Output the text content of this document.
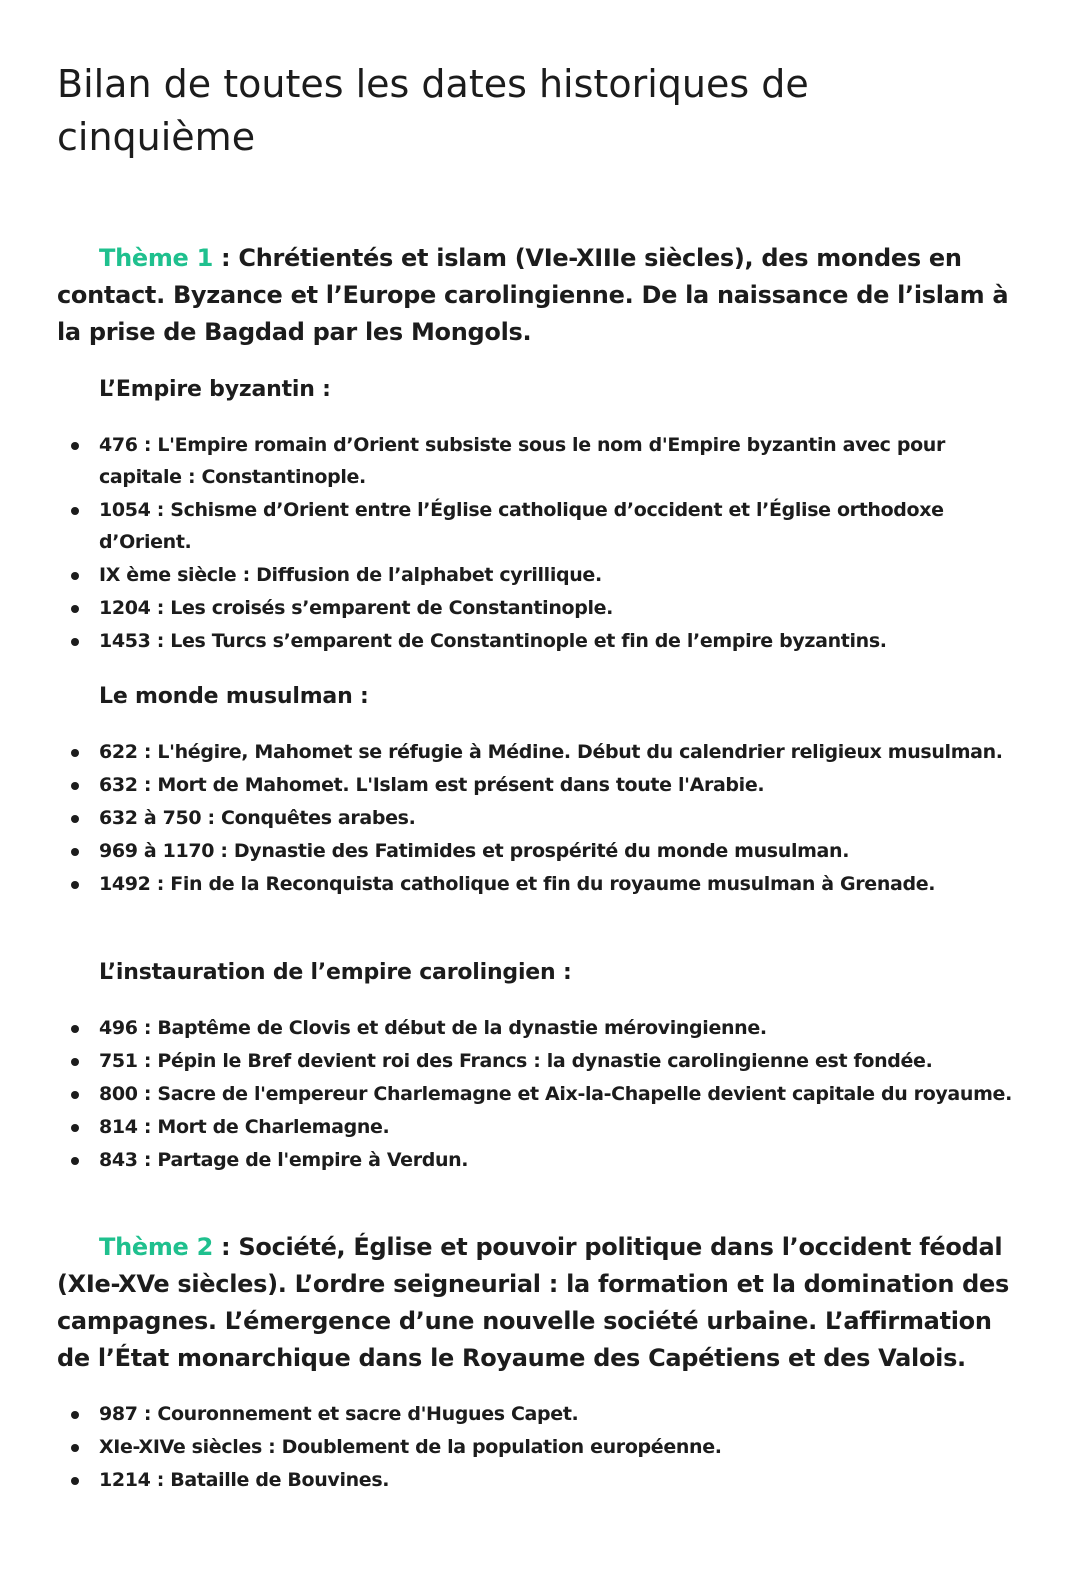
Bilan de toutes les dates historiques de cinquième
Thème 1 : Chrétientés et islam (VIe-XIIIe siècles), des mondes en contact. Byzance et l’Europe carolingienne. De la naissance de l’islam à la prise de Bagdad par les Mongols.
L’Empire byzantin :
476 : L'Empire romain d’Orient subsiste sous le nom d'Empire byzantin avec pour capitale : Constantinople.
1054 : Schisme d’Orient entre l’Église catholique d’occident et l’Église orthodoxe d’Orient.
IX ème siècle : Diffusion de l’alphabet cyrillique.
1204 : Les croisés s’emparent de Constantinople.
1453 : Les Turcs s’emparent de Constantinople et fin de l’empire byzantins.
Le monde musulman :
622 : L'hégire, Mahomet se réfugie à Médine. Début du calendrier religieux musulman.
632 : Mort de Mahomet. L'Islam est présent dans toute l'Arabie.
632 à 750 : Conquêtes arabes.
969 à 1170 : Dynastie des Fatimides et prospérité du monde musulman.
1492 : Fin de la Reconquista catholique et fin du royaume musulman à Grenade.
L’instauration de l’empire carolingien :
496 : Baptême de Clovis et début de la dynastie mérovingienne.
751 : Pépin le Bref devient roi des Francs : la dynastie carolingienne est fondée.
800 : Sacre de l'empereur Charlemagne et Aix-la-Chapelle devient capitale du royaume.
814 : Mort de Charlemagne.
843 : Partage de l'empire à Verdun.
Thème 2 : Société, Église et pouvoir politique dans l’occident féodal (XIe-XVe siècles). L’ordre seigneurial : la formation et la domination des campagnes. L’émergence d’une nouvelle société urbaine. L’affirmation de l’État monarchique dans le Royaume des Capétiens et des Valois.
987 : Couronnement et sacre d'Hugues Capet.
XIe-XIVe siècles : Doublement de la population européenne.
1214 : Bataille de Bouvines.
